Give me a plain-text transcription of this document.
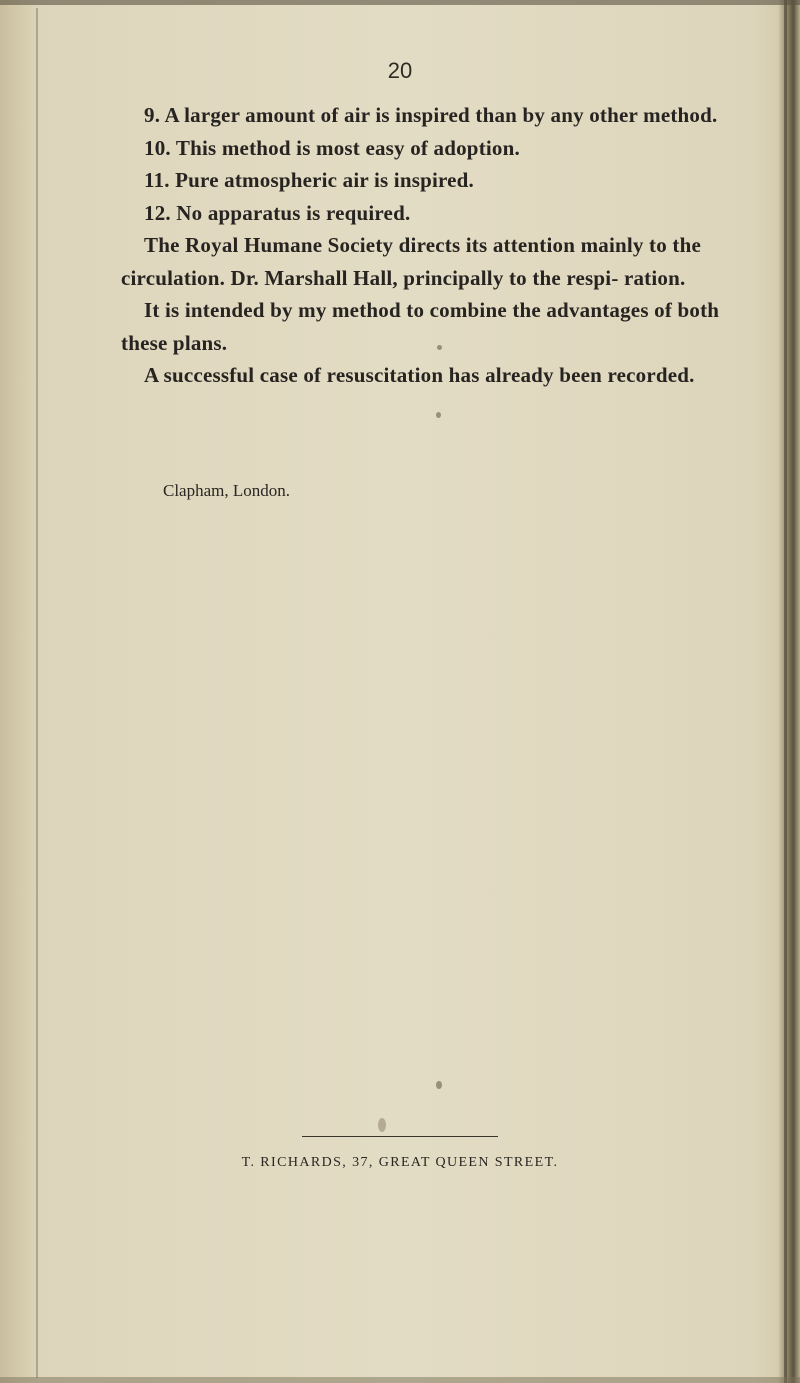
20

9. A larger amount of air is inspired than by any other method.

10. This method is most easy of adoption.

11. Pure atmospheric air is inspired.

12. No apparatus is required.

The Royal Humane Society directs its attention mainly to the circulation. Dr. Marshall Hall, principally to the respi- ration.

It is intended by my method to combine the advantages of both these plans.

A successful case of resuscitation has already been recorded.

Clapham, London.
T. RICHARDS, 37, GREAT QUEEN STREET.
